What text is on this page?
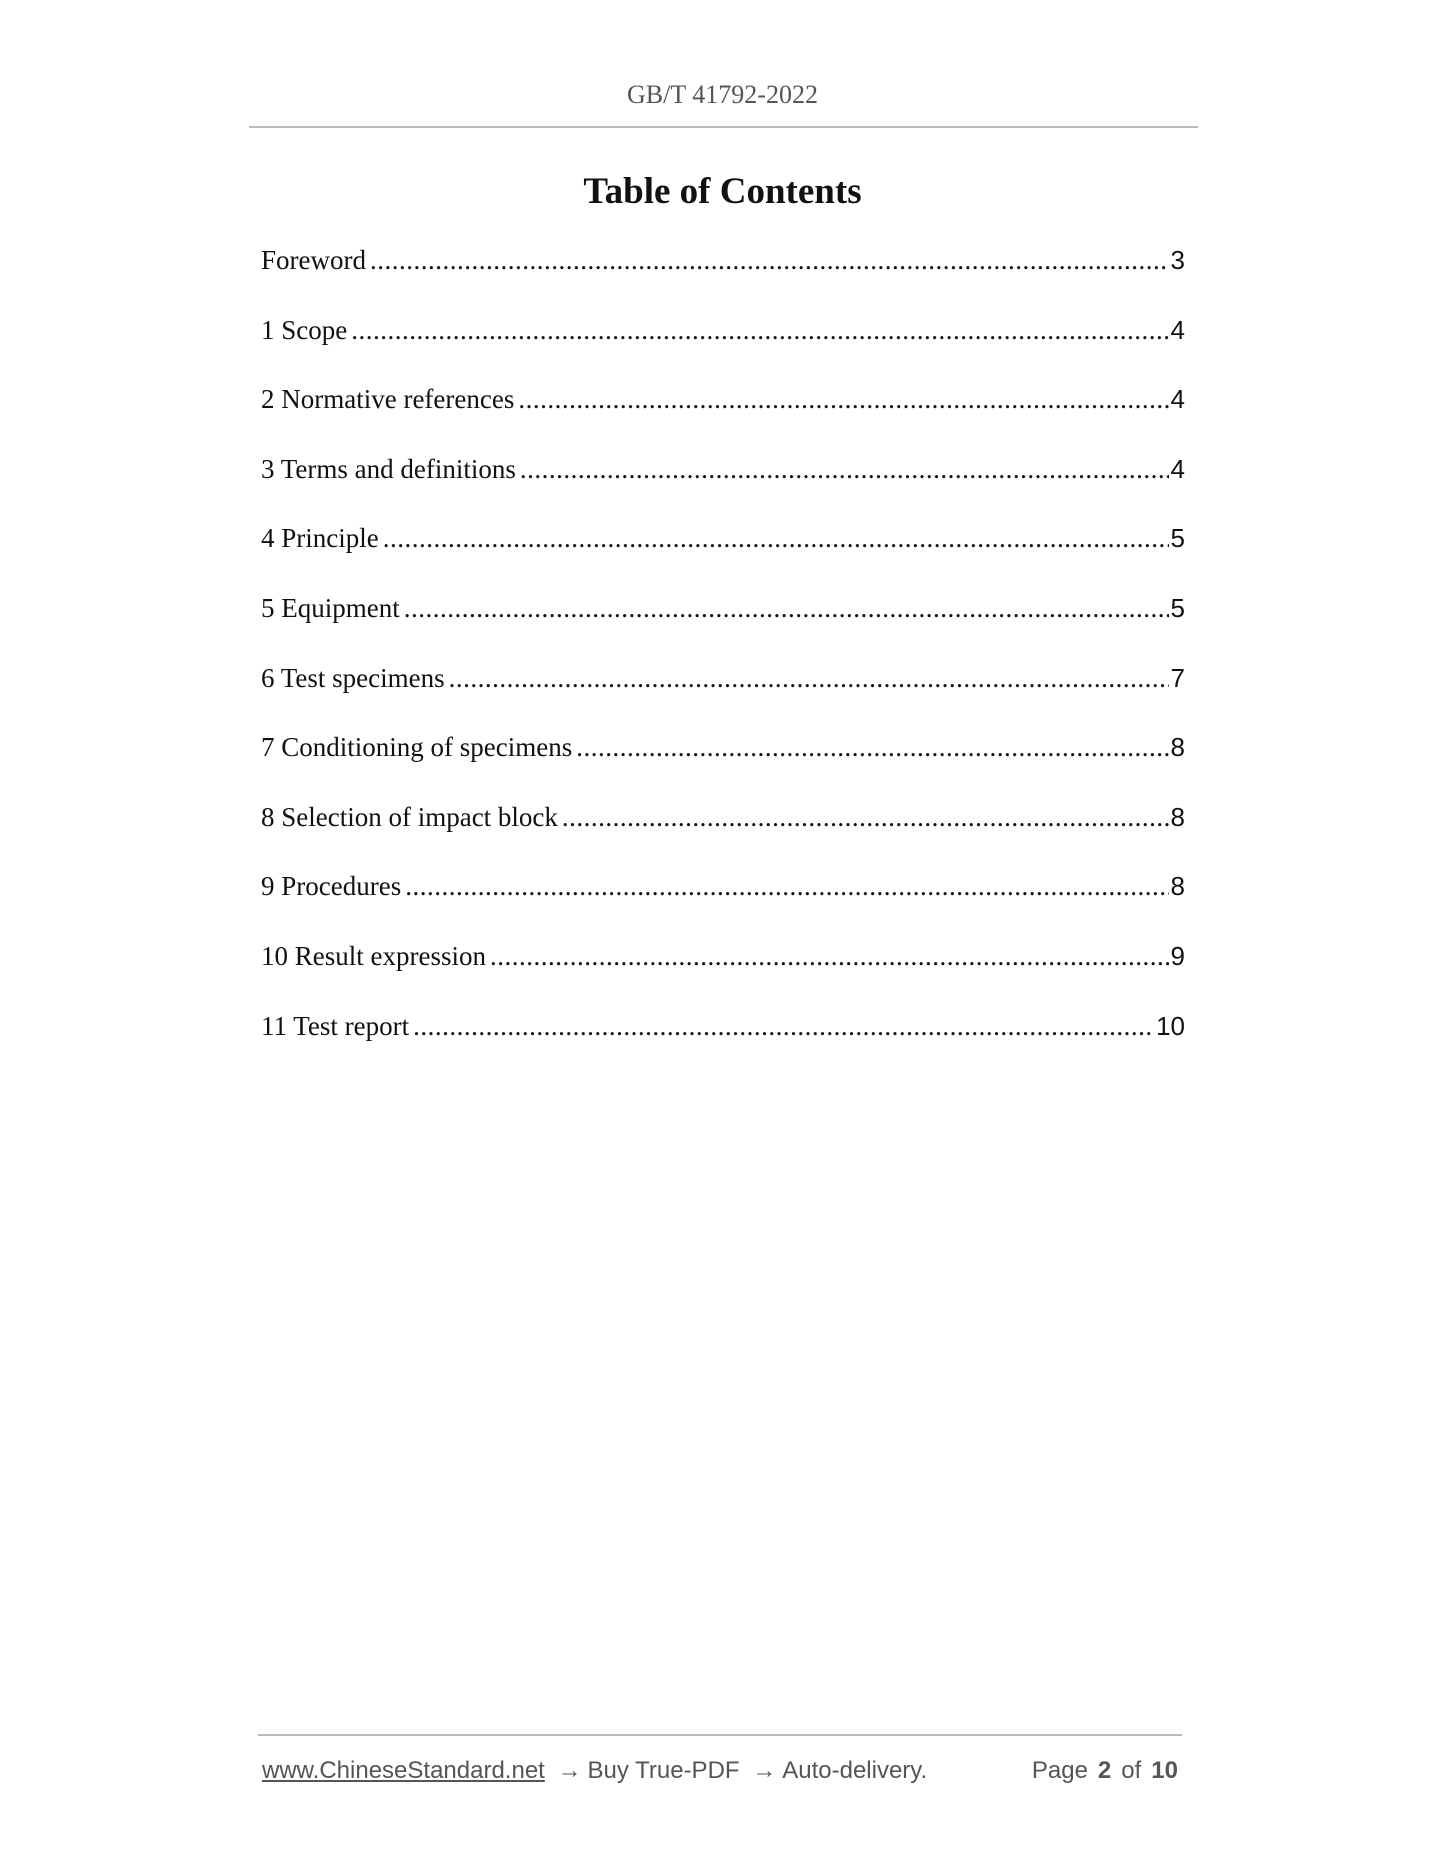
GB/T 41792-2022
Table of Contents
Foreword .....	3
1 Scope .....	4
2 Normative references .....	4
3 Terms and definitions .....	4
4 Principle .....	5
5 Equipment .....	5
6 Test specimens .....	7
7 Conditioning of specimens .....	8
8 Selection of impact block .....	8
9 Procedures .....	8
10 Result expression .....	9
11 Test report .....	10
www.ChineseStandard.net → Buy True-PDF → Auto-delivery.	Page 2 of 10
